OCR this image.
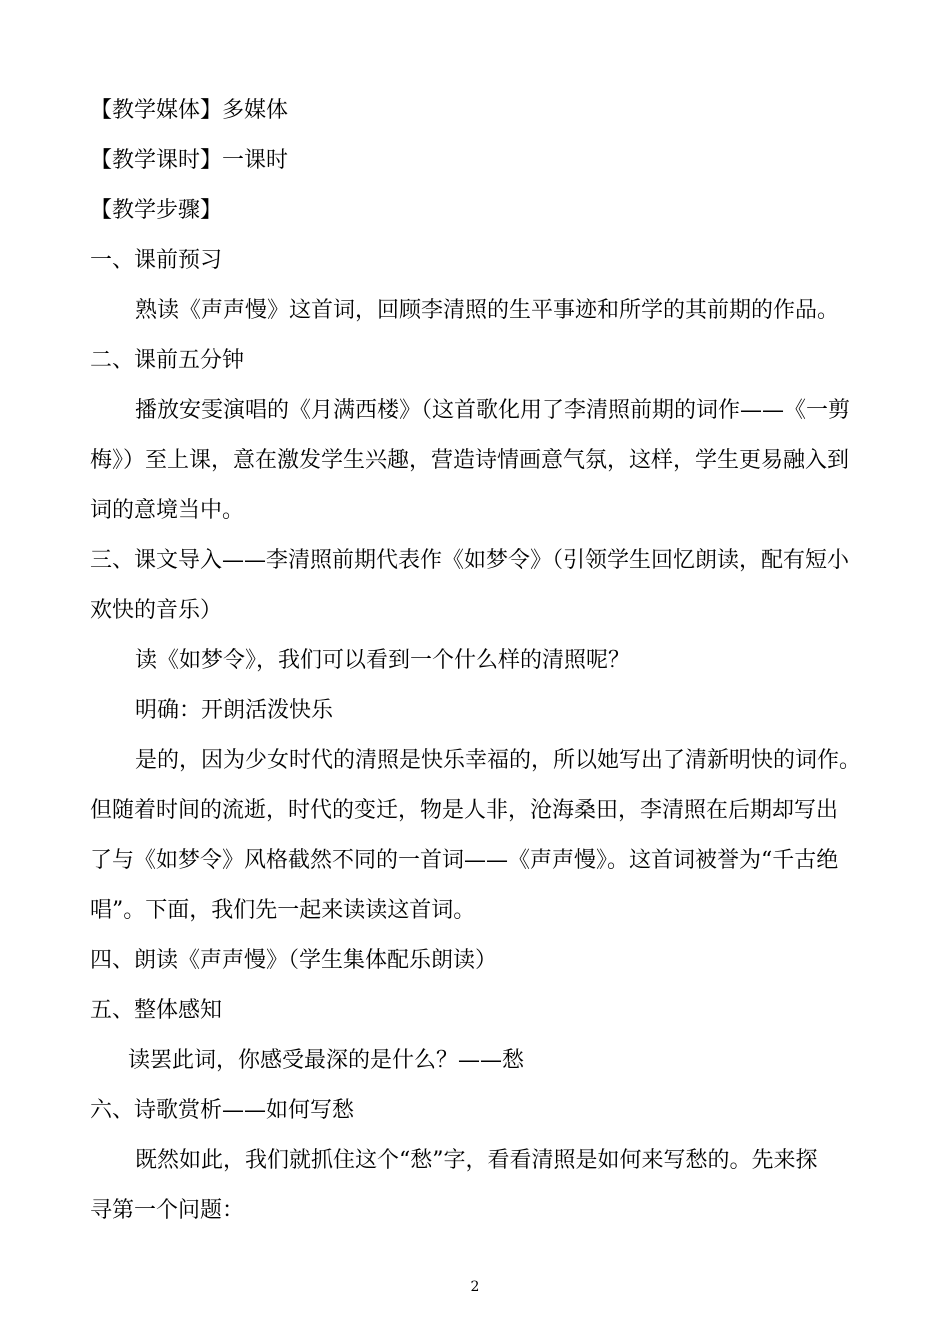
【教学媒体】多媒体
【教学课时】一课时
【教学步骤】
一、课前预习
熟读《声声慢》这首词，回顾李清照的生平事迹和所学的其前期的作品。
二、课前五分钟
播放安雯演唱的《月满西楼》（这首歌化用了李清照前期的词作——《一剪
梅》）至上课，意在激发学生兴趣，营造诗情画意气氛，这样，学生更易融入到
词的意境当中。
三、课文导入——李清照前期代表作《如梦令》（引领学生回忆朗读，配有短小
欢快的音乐）
读《如梦令》，我们可以看到一个什么样的清照呢？
明确：开朗活泼快乐
是的，因为少女时代的清照是快乐幸福的，所以她写出了清新明快的词作。
但随着时间的流逝，时代的变迁，物是人非，沧海桑田，李清照在后期却写出
了与《如梦令》风格截然不同的一首词——《声声慢》。这首词被誉为“千古绝
唱”。下面，我们先一起来读读这首词。
四、朗读《声声慢》（学生集体配乐朗读）
五、整体感知
读罢此词，你感受最深的是什么？——愁
六、诗歌赏析——如何写愁
既然如此，我们就抓住这个“愁”字，看看清照是如何来写愁的。先来探
寻第一个问题：
2
